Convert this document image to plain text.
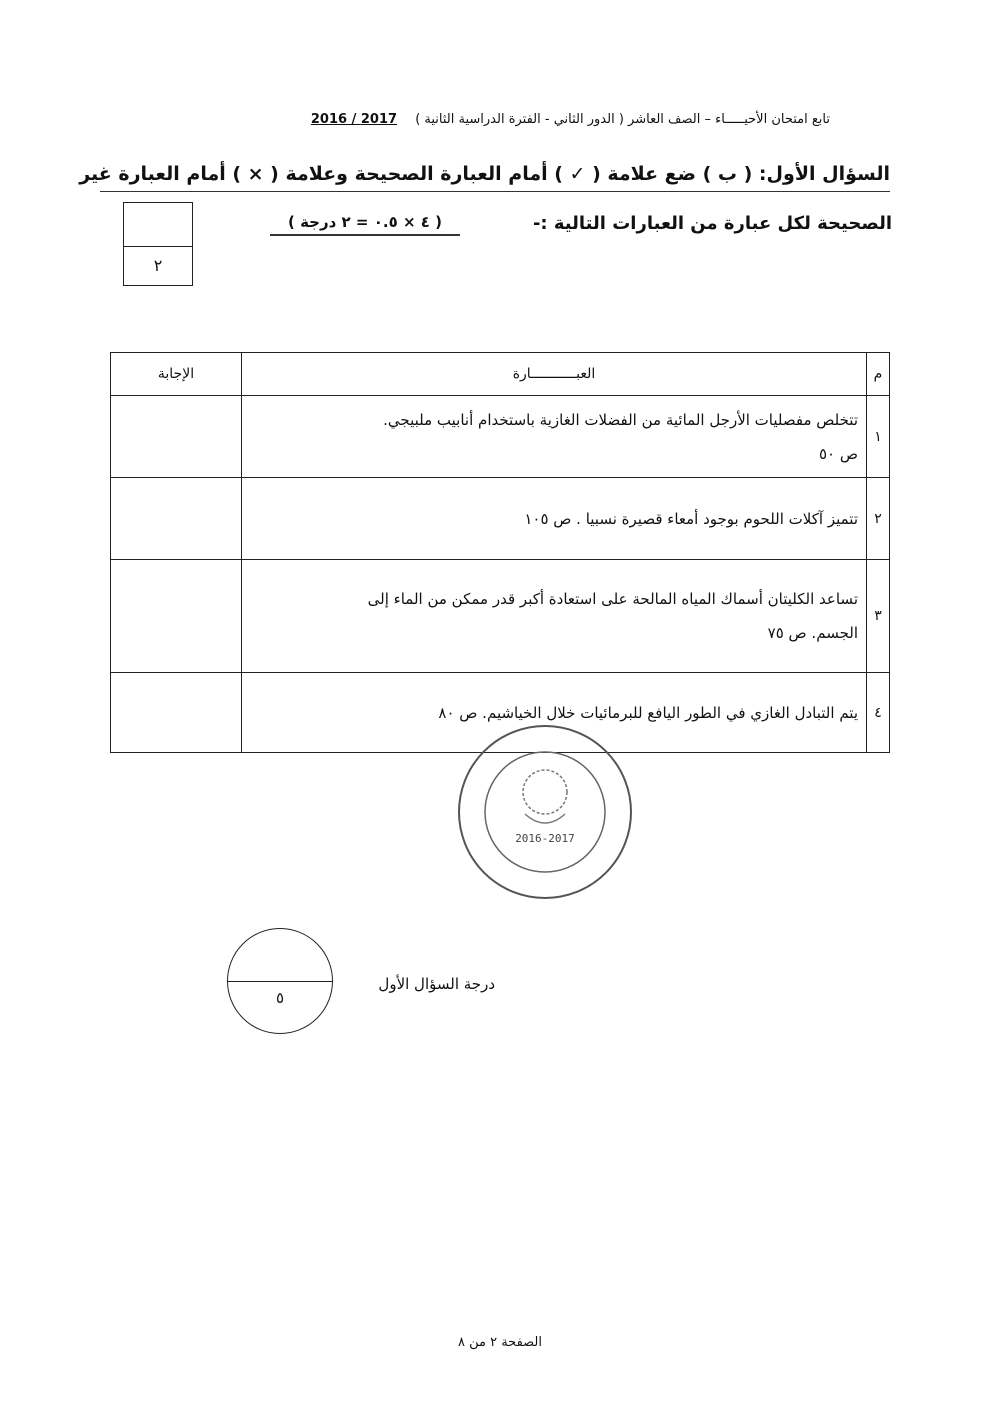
تابع امتحان الأحيـــــاء – الصف العاشر ( الدور الثاني - الفترة الدراسية الثانية ) 2017 / 2016
السؤال الأول: ( ب ) ضع علامة ( ✓ ) أمام العبارة الصحيحة وعلامة ( × ) أمام العبارة غير
الصحيحة لكل عبارة من العبارات التالية :-
( ٤ × ٠.٥ = ٢ درجة )
٢
م	العبـــــــــــارة	الإجابة
١	تتخلص مفصليات الأرجل المائية من الفضلات الغازية باستخدام أنابيب ملبيجي.
ص ٥٠	

٢	تتميز آكلات اللحوم بوجود أمعاء قصيرة نسبيا . ص ١٠٥	

٣	تساعد الكليتان أسماك المياه المالحة على استعادة أكبر قدر ممكن من الماء إلى
الجسم. ص ٧٥	

٤	يتم التبادل الغازي في الطور اليافع للبرمائيات خلال الخياشيم. ص ٨٠	

2016-2017
٥
درجة السؤال الأول
الصفحة ٢ من ٨
